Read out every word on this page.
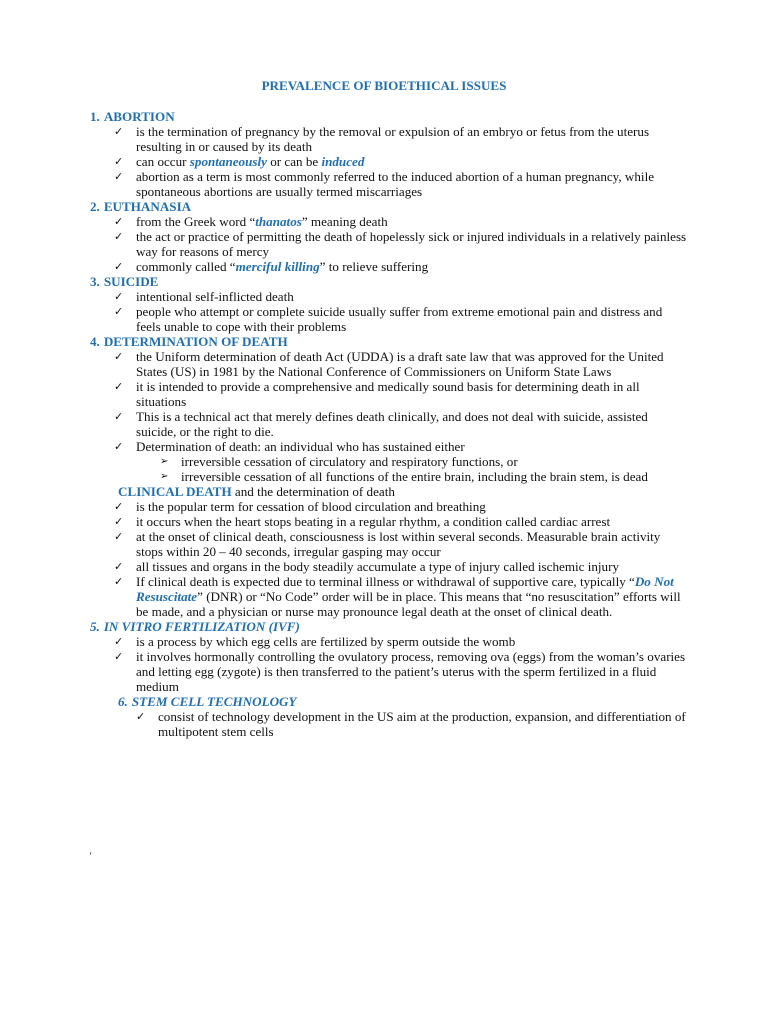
PREVALENCE OF BIOETHICAL ISSUES
1. ABORTION
✓ is the termination of pregnancy by the removal or expulsion of an embryo or fetus from the uterus resulting in or caused by its death
✓ can occur spontaneously or can be induced
✓ abortion as a term is most commonly referred to the induced abortion of a human pregnancy, while spontaneous abortions are usually termed miscarriages
2. EUTHANASIA
✓ from the Greek word “thanatos” meaning death
✓ the act or practice of permitting the death of hopelessly sick or injured individuals in a relatively painless way for reasons of mercy
✓ commonly called “merciful killing” to relieve suffering
3. SUICIDE
✓ intentional self-inflicted death
✓ people who attempt or complete suicide usually suffer from extreme emotional pain and distress and feels unable to cope with their problems
4. DETERMINATION OF DEATH
✓ the Uniform determination of death Act (UDDA) is a draft sate law that was approved for the United States (US) in 1981 by the National Conference of Commissioners on Uniform State Laws
✓ it is intended to provide a comprehensive and medically sound basis for determining death in all situations
✓ This is a technical act that merely defines death clinically, and does not deal with suicide, assisted suicide, or the right to die.
✓ Determination of death: an individual who has sustained either
➢ irreversible cessation of circulatory and respiratory functions, or
➢ irreversible cessation of all functions of the entire brain, including the brain stem, is dead
CLINICAL DEATH and the determination of death
✓ is the popular term for cessation of blood circulation and breathing
✓ it occurs when the heart stops beating in a regular rhythm, a condition called cardiac arrest
✓ at the onset of clinical death, consciousness is lost within several seconds. Measurable brain activity stops within 20 – 40 seconds, irregular gasping may occur
✓ all tissues and organs in the body steadily accumulate a type of injury called ischemic injury
✓ If clinical death is expected due to terminal illness or withdrawal of supportive care, typically “Do Not Resuscitate” (DNR) or “No Code” order will be in place. This means that “no resuscitation” efforts will be made, and a physician or nurse may pronounce legal death at the onset of clinical death.
5. IN VITRO FERTILIZATION (IVF)
✓ is a process by which egg cells are fertilized by sperm outside the womb
✓ it involves hormonally controlling the ovulatory process, removing ova (eggs) from the woman’s ovaries and letting egg (zygote) is then transferred to the patient’s uterus with the sperm fertilized in a fluid medium
6. STEM CELL TECHNOLOGY
✓ consist of technology development in the US aim at the production, expansion, and differentiation of multipotent stem cells
‘
